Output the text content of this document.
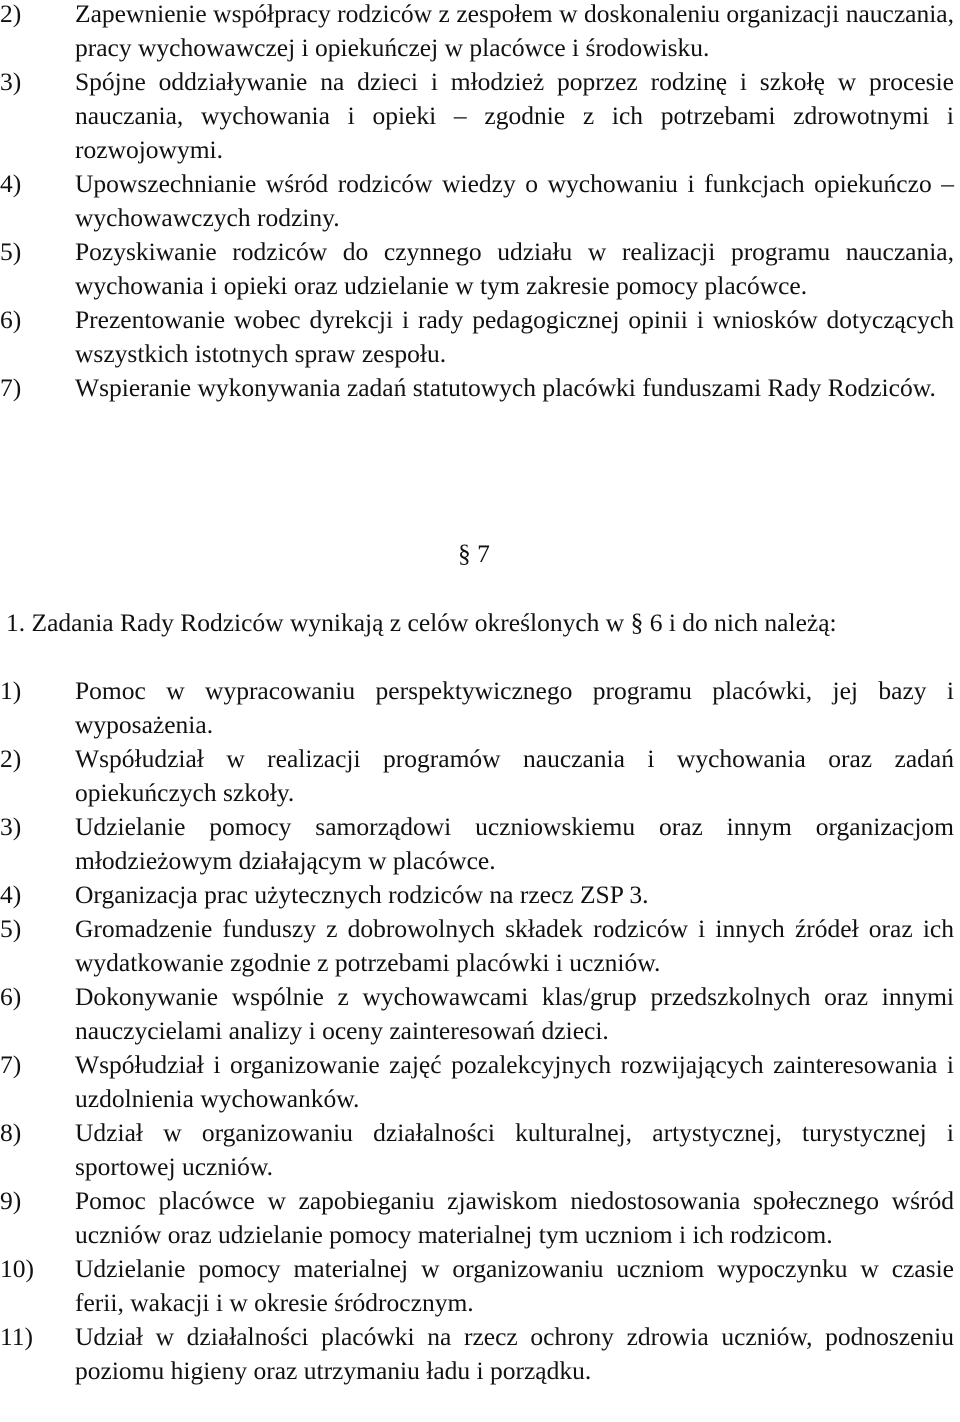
2)	Zapewnienie współpracy rodziców z zespołem w doskonaleniu organizacji nauczania, pracy wychowawczej i opiekuńczej w placówce i środowisku.
3)	Spójne oddziaływanie na dzieci i młodzież poprzez rodzinę i szkołę w procesie nauczania, wychowania i opieki – zgodnie z ich potrzebami zdrowotnymi i rozwojowymi.
4)	Upowszechnianie wśród rodziców wiedzy o wychowaniu i funkcjach opiekuńczo – wychowawczych rodziny.
5)	Pozyskiwanie rodziców do czynnego udziału w realizacji programu nauczania, wychowania i opieki oraz udzielanie w tym zakresie pomocy placówce.
6)	Prezentowanie wobec dyrekcji i rady pedagogicznej opinii i wniosków dotyczących wszystkich istotnych spraw zespołu.
7)	Wspieranie wykonywania zadań statutowych placówki funduszami Rady Rodziców.
§ 7
1. Zadania Rady Rodziców wynikają z celów określonych w § 6 i do nich należą:
1)	Pomoc w wypracowaniu perspektywicznego programu placówki, jej bazy i wyposażenia.
2)	Współudział w realizacji programów nauczania i wychowania oraz zadań opiekuńczych szkoły.
3)	Udzielanie pomocy samorządowi uczniowskiemu oraz innym organizacjom młodzieżowym działającym w placówce.
4)	Organizacja prac użytecznych rodziców na rzecz ZSP 3.
5)	Gromadzenie funduszy z dobrowolnych składek rodziców i innych źródeł oraz ich wydatkowanie zgodnie z potrzebami placówki i uczniów.
6)	Dokonywanie wspólnie z wychowawcami klas/grup przedszkolnych oraz innymi nauczycielami analizy i oceny zainteresowań dzieci.
7)	Współudział i organizowanie zajęć pozalekcyjnych rozwijających zainteresowania i uzdolnienia wychowanków.
8)	Udział w organizowaniu działalności kulturalnej, artystycznej, turystycznej i sportowej uczniów.
9)	Pomoc placówce w zapobieganiu zjawiskom niedostosowania społecznego wśród uczniów oraz udzielanie pomocy materialnej tym uczniom i ich rodzicom.
10)	Udzielanie pomocy materialnej w organizowaniu uczniom wypoczynku w czasie ferii, wakacji i w okresie śródrocznym.
11)	Udział w działalności placówki na rzecz ochrony zdrowia uczniów, podnoszeniu poziomu higieny oraz utrzymaniu ładu i porządku.
